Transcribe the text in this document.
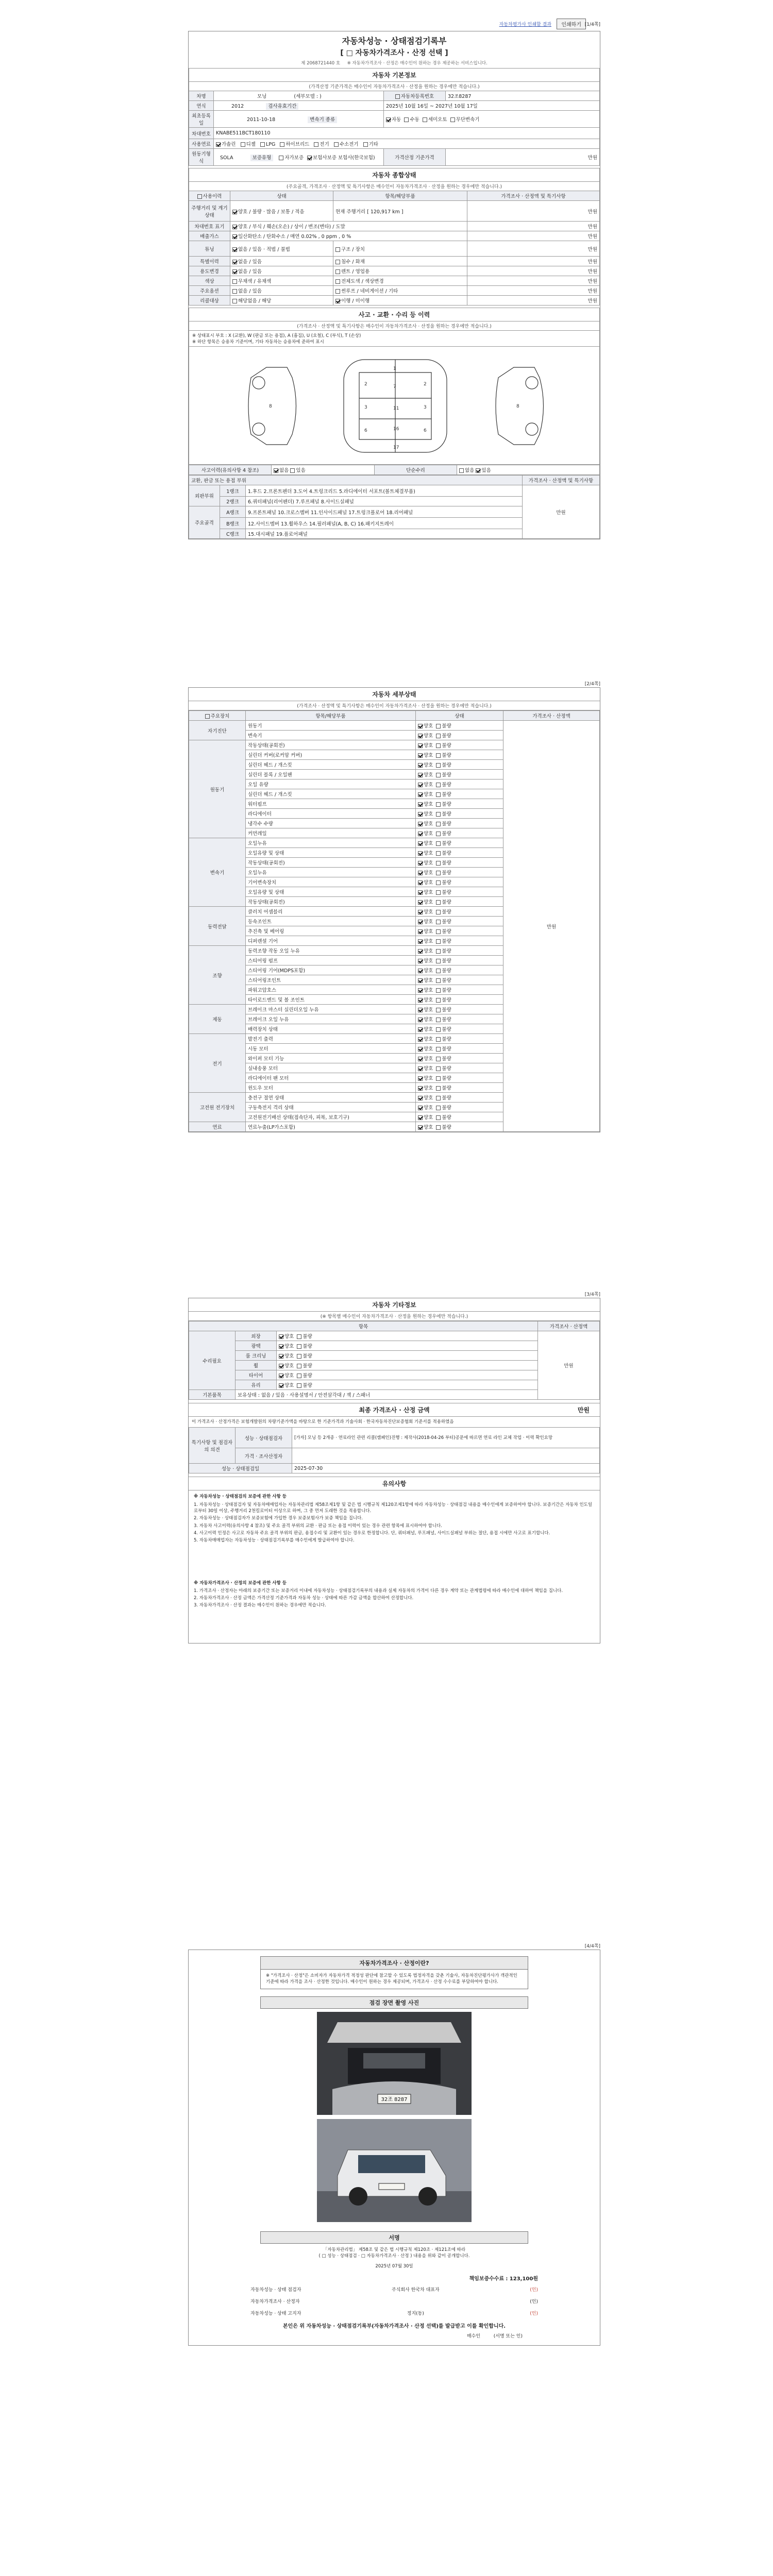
자동차평가사 인쇄할 결과	인쇄하기 [1/4쪽]
자동차성능 · 상태점검기록부
[ □ 자동차가격조사 · 산정 선택 ]
제 2068721440 호 ※ 자동차가격조사 · 산정은 매수인이 원하는 경우 제공하는 서비스입니다.
자동차 기본정보
(가격산정 기준가격은 매수인이 자동차가격조사 · 산정을 원하는 경우에만 적습니다.)
차명	모닝 (세부모델 : )	자동차등록번호	32조8287
연식	2012 검사유효기간	2025년 10월 16일 ~ 2027년 10월 17일	
최초등록일	2011-10-18 변속기 종류	자동 수동 세미오토 무단변속기	
차대번호	KNABE511BCT180110		
사용연료	가솔린 디젤 LPG 하이브리드 전기 수소전기 기타		
원동기형식	SOLA 보증유형 자가보증 보험사보증 보험사(한국보험)	가격산정 기준가격	만원
자동차 종합상태
(주요골격, 가격조사 · 산정액 및 특기사항은 매수인이 자동차가격조사 · 산정을 원하는 경우에만 적습니다.)
사용이력	상태	항목/해당부품	가격조사 · 산정액 및 특기사항
주행거리 및 계기상태	양호 / 불량 · 많음 / 보통 / 적음	현재 주행거리 [ 120,917 km ]	만원
차대번호 표기	양호 / 부식 / 훼손(오손) / 상이 / 변조(변타) / 도말		만원
배출가스	일산화탄소 / 탄화수소 / 매연 0.02% , 0 ppm , 0 %		만원
튜닝	없음 / 있음 · 적법 / 불법	구조 / 장치	만원
특별이력	없음 / 있음	침수 / 화재	만원
용도변경	없음 / 있음	렌트 / 영업용	만원
색상	무채색 / 유채색	전체도색 / 색상변경	만원
주요옵션	없음 / 있음	썬루프 / 네비게이션 / 기타	만원
리콜대상	해당없음 / 해당	이행 / 미이행	만원
사고 · 교환 · 수리 등 이력
(가격조사 · 산정액 및 특기사항은 매수인이 자동차가격조사 · 산정을 원하는 경우에만 적습니다.)
※ 상태표시 부호 : X (교환), W (판금 또는 용접), A (흠집), U (요철), C (부식), T (손상)
※ 하단 항목은 승용차 기준이며, 기타 자동차는 승용차에 준하여 표시
1
7
11
16
17
2	2
3	3
6	6
8	8
사고이력(유의사항 4 참조)	없음 있음	단순수리	없음 있음
교환, 판금 또는 용접 부위			가격조사 · 산정액 및 특기사항
외판부위	1랭크	1.후드 2.프론트펜더 3.도어 4.트렁크리드 5.라디에이터 서포트(볼트체결부품)	만원
	2랭크	6.쿼터패널(리어펜더) 7.루프패널 8.사이드실패널	
주요골격	A랭크	9.프론트패널 10.크로스멤버 11.인사이드패널 17.트렁크플로어 18.리어패널	
	B랭크	12.사이드멤버 13.휠하우스 14.필러패널(A, B, C) 16.패키지트레이	
	C랭크	15.대시패널 19.플로어패널	
[2/4쪽]
자동차 세부상태
(가격조사 · 산정액 및 특기사항은 매수인이 자동차가격조사 · 산정을 원하는 경우에만 적습니다.)
주요장치	항목/해당부품	상태	가격조사 · 산정액
자기진단	원동기	양호 불량	만원
	변속기	양호 불량	
원동기	작동상태(공회전)	양호 불량	
	실린더 커버(로커암 커버)	양호 불량	
	실린더 헤드 / 개스킷	양호 불량	
	실린더 블록 / 오일팬	양호 불량	
	오일 유량	양호 불량	
	실린더 헤드 / 개스킷	양호 불량	
	워터펌프	양호 불량	
	라디에이터	양호 불량	
	냉각수 수량	양호 불량	
	커먼레일	양호 불량	
변속기	오일누유	양호 불량	
	오일유량 및 상태	양호 불량	
	작동상태(공회전)	양호 불량	
	오일누유	양호 불량	
	기어변속장치	양호 불량	
	오일유량 및 상태	양호 불량	
	작동상태(공회전)	양호 불량	
동력전달	클러치 어셈블리	양호 불량	
	등속조인트	양호 불량	
	추진축 및 베어링	양호 불량	
	디퍼렌셜 기어	양호 불량	
조향	동력조향 작동 오일 누유	양호 불량	
	스티어링 펌프	양호 불량	
	스티어링 기어(MDPS포함)	양호 불량	
	스티어링조인트	양호 불량	
	파워고압호스	양호 불량	
	타이로드엔드 및 볼 조인트	양호 불량	
제동	브레이크 마스터 실린더오일 누유	양호 불량	
	브레이크 오일 누유	양호 불량	
	배력장치 상태	양호 불량	
전기	발전기 출력	양호 불량	
	시동 모터	양호 불량	
	와이퍼 모터 기능	양호 불량	
	실내송풍 모터	양호 불량	
	라디에이터 팬 모터	양호 불량	
	윈도우 모터	양호 불량	
고전원 전기장치	충전구 절연 상태	양호 불량	
	구동축전지 격리 상태	양호 불량	
	고전원전기배선 상태(접속단자, 피복, 보호기구)	양호 불량	
연료	연료누출(LP가스포함)	양호 불량	
[3/4쪽]
자동차 기타정보
(※ 항목별 매수인이 자동차가격조사 · 산정을 원하는 경우에만 적습니다.)
항목			가격조사 · 산정액
수리필요	외장	양호 불량	만원
	광택	양호 불량	
	룸 크리닝	양호 불량	
	휠	양호 불량	
	타이어	양호 불량	
	유리	양호 불량	
기본품목	보유상태 : 없음 / 있음 · 사용설명서 / 안전삼각대 / 잭 / 스패너		
최종 가격조사 · 산정 금액	만원
이 가격조사 · 산정가격은 보험개발원의 차량기준가액을 바탕으로 한 기준가격과 기술사회 · 한국자동차진단보증협회 기준서를 적용하였음
특기사항 및 점검자의 의견	성능 · 상태점검자	[가자] 모닝 등 2개종 · 연료라인 관련 리콜(캠페인)진행 : 제작사(2018-04-26 부터)공문에 따르면 연료 라인 교체 작업 · 이력 확인요망
	가격 · 조사산정자	
성능 · 상태점검일		2025-07-30
유의사항
※ 자동차성능 · 상태점검의 보증에 관한 사항 등
1. 자동차성능 · 상태점검자 및 자동차매매업자는 자동차관리법 제58조제1항 및 같은 법 시행규칙 제120조제1항에 따라 자동차성능 · 상태점검 내용을 매수인에게 보증하여야 합니다. 보증기간은 자동차 인도일로부터 30일 이상, 주행거리 2천킬로미터 이상으로 하며, 그 중 먼저 도래한 것을 적용합니다.
2. 자동차성능 · 상태점검자가 보증보험에 가입한 경우 보증보험사가 보증 책임을 집니다.
3. 자동차 사고이력(유의사항 4 참조) 및 주요 골격 부위의 교환 · 판금 또는 용접 이력이 있는 경우 관련 항목에 표시하여야 합니다.
4. 사고이력 인정은 사고로 자동차 주요 골격 부위의 판금, 용접수리 및 교환이 있는 경우로 한정합니다. 단, 쿼터패널, 루프패널, 사이드실패널 부위는 절단, 용접 시에만 사고로 표기합니다.
5. 자동차매매업자는 자동차성능 · 상태점검기록부를 매수인에게 발급하여야 합니다.
※ 자동차가격조사 · 산정의 보증에 관한 사항 등
1. 가격조사 · 산정자는 아래의 보증기간 또는 보증거리 이내에 자동차성능 · 상태점검기록부의 내용과 실제 자동차의 가격이 다른 경우 계약 또는 관계법령에 따라 매수인에 대하여 책임을 집니다.
2. 자동차가격조사 · 산정 금액은 가격산정 기준가격과 자동차 성능 · 상태에 따른 가감 금액을 합산하여 산정합니다.
3. 자동차가격조사 · 산정 결과는 매수인이 원하는 경우에만 적습니다.
[4/4쪽]
자동차가격조사 · 산정이란?
※ "가격조사 · 산정"은 소비자가 자동차가격 적정성 판단에 참고할 수 있도록 법정자격을 갖춘 기술사, 자동차진단평가사가 객관적인 기준에 따라 가격을 조사 · 산정한 것입니다. 매수인이 원하는 경우 제공되며, 가격조사 · 산정 수수료를 부담하여야 합니다.
점검 장면 촬영 사진
32조 8287
서명
「자동차관리법」 제58조 및 같은 법 시행규칙 제120조 · 제121조에 따라
( □ 성능 · 상태점검 · □ 자동차가격조사 · 산정 ) 내용을 위와 같이 공개합니다.
2025년 07월 30일
책임보증수수료 : 123,100원
자동차성능 · 상태 점검자	주식회사 한국차 대표자	(인)
자동차가격조사 · 산정자	(인)
자동차성능 · 상태 고지자	정지(동)	(인)
본인은 위 자동차성능 · 상태점검기록부(자동차가격조사 · 산정 선택)를 발급받고 이를 확인합니다.
매수인	(서명 또는 인)
